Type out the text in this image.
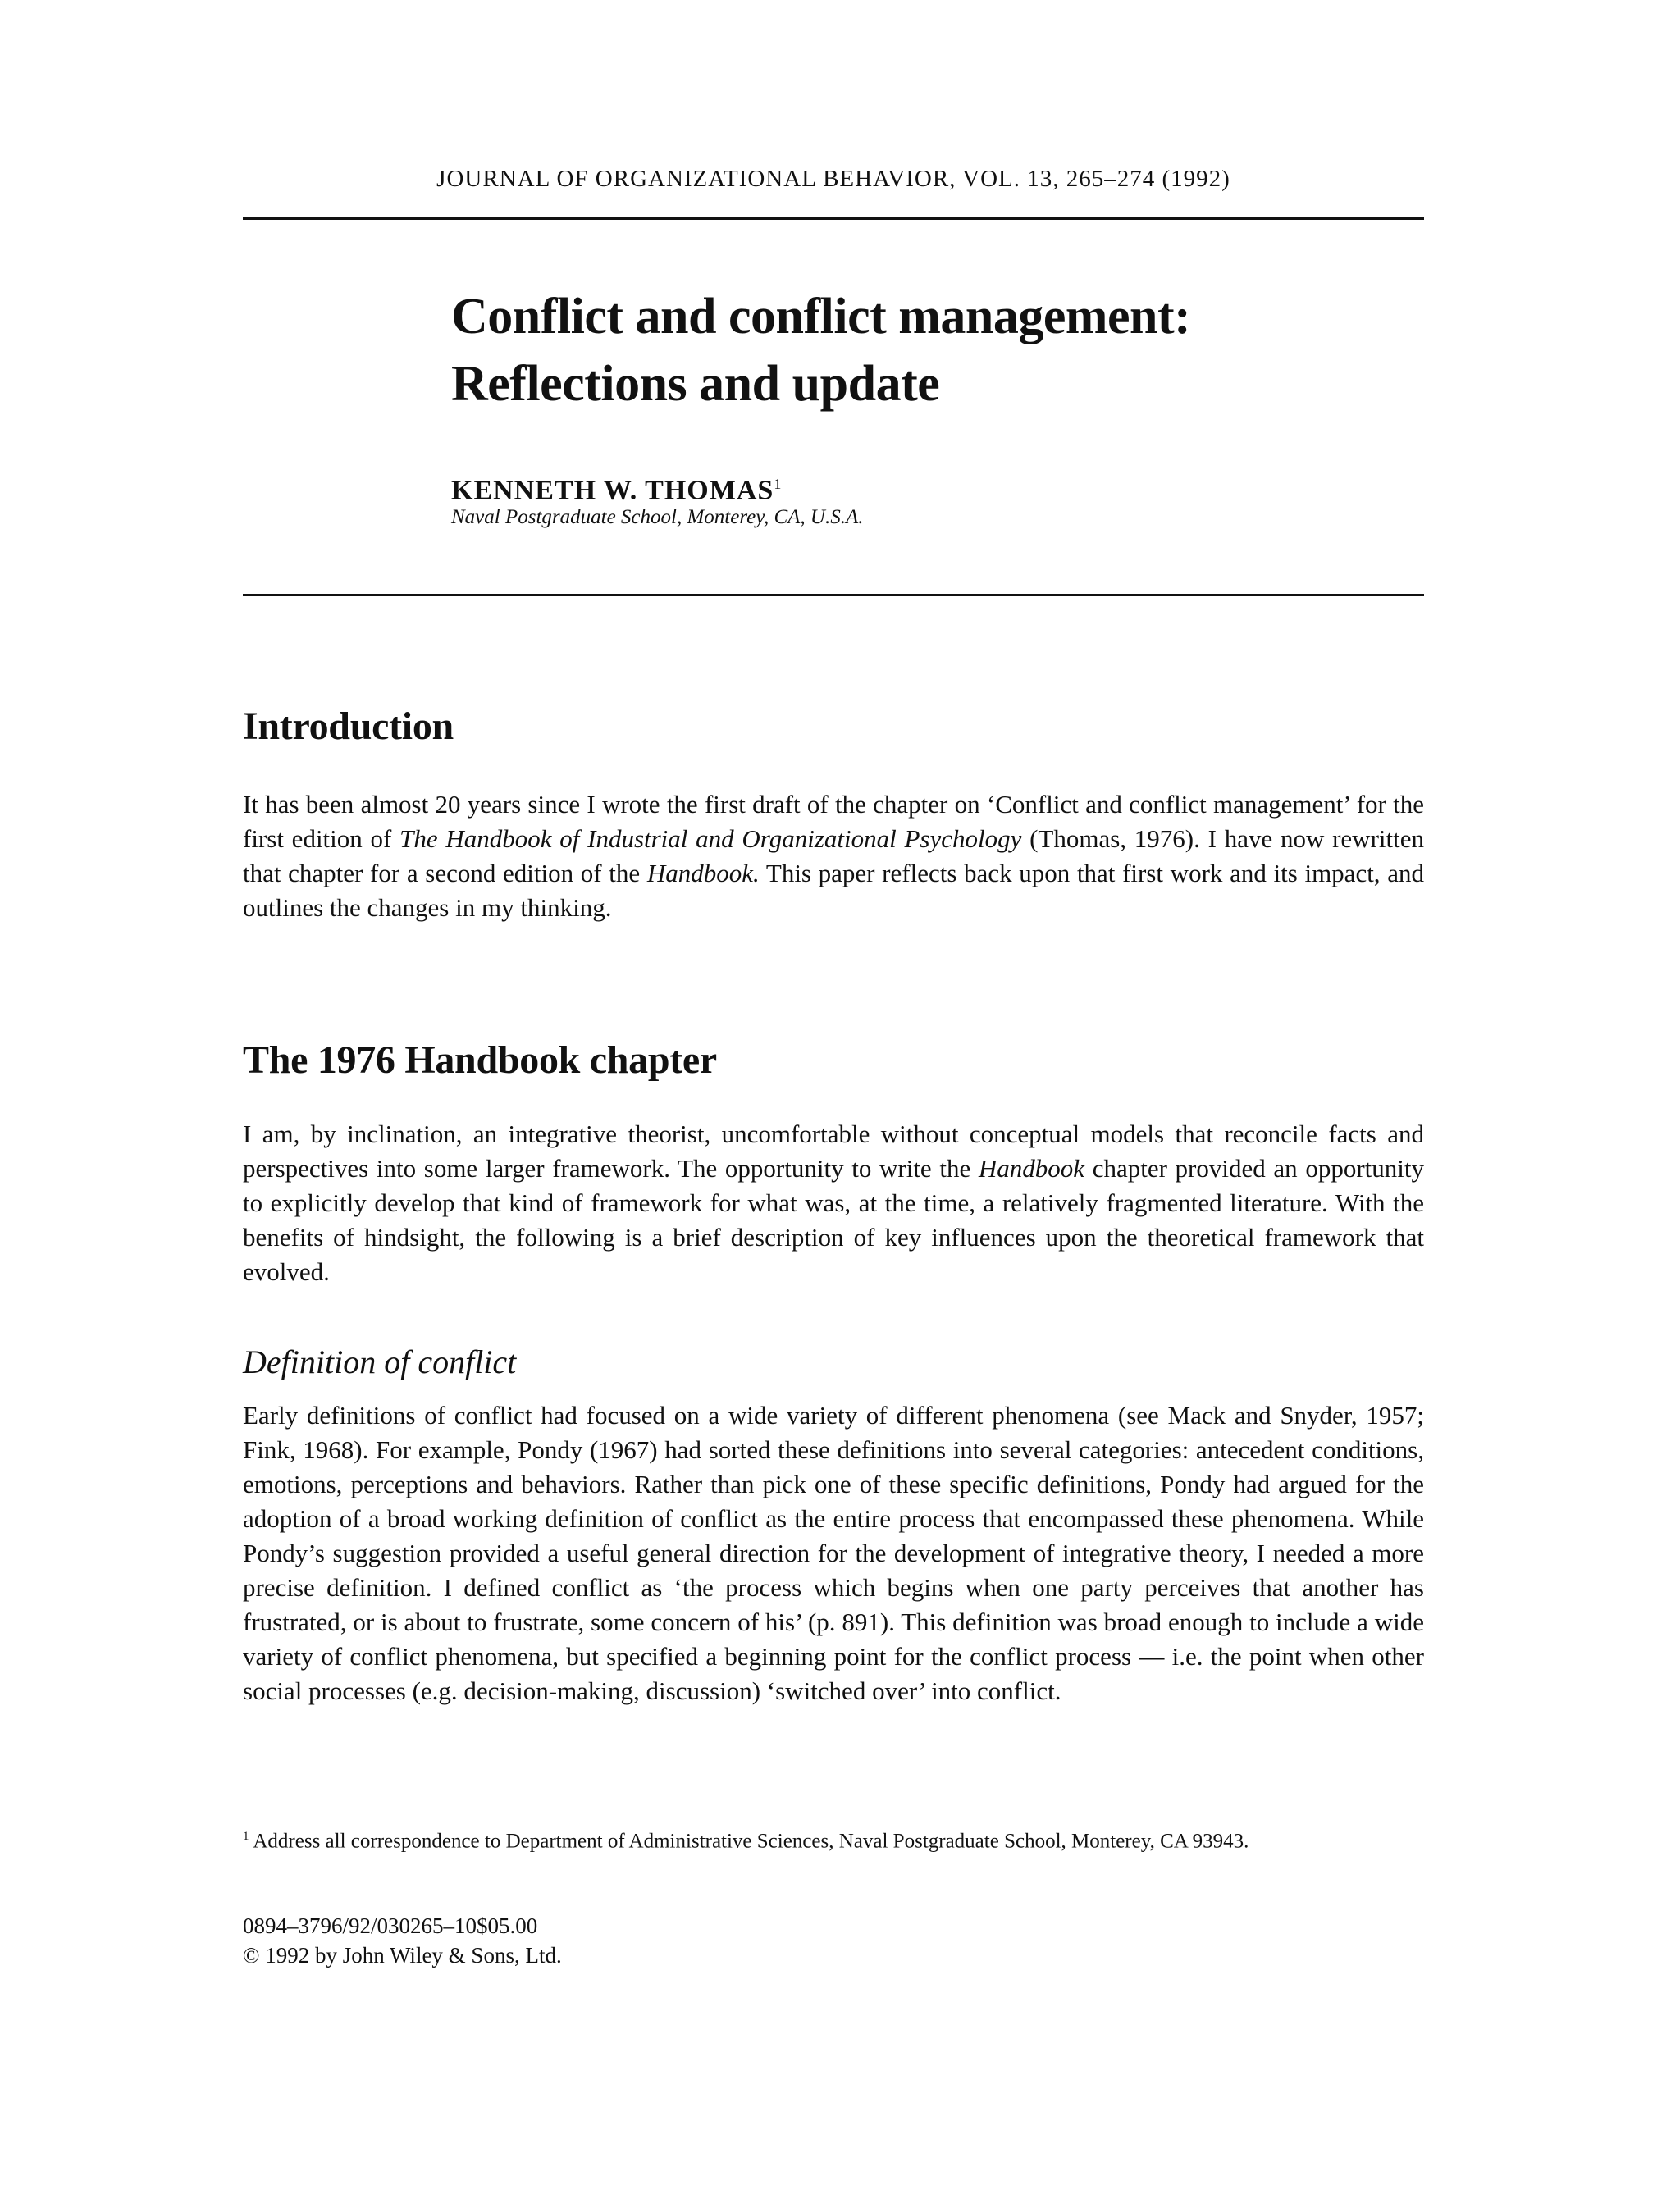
JOURNAL OF ORGANIZATIONAL BEHAVIOR, VOL. 13, 265–274 (1992)
Conflict and conflict management:
Reflections and update
KENNETH W. THOMAS$^1$
Naval Postgraduate School, Monterey, CA, U.S.A.
Introduction

It has been almost 20 years since I wrote the first draft of the chapter on ‘Conflict and conflict management’ for the first edition of The Handbook of Industrial and Organizational Psychology (Thomas, 1976). I have now rewritten that chapter for a second edition of the Handbook. This paper reflects back upon that first work and its impact, and outlines the changes in my thinking.

The 1976 Handbook chapter

I am, by inclination, an integrative theorist, uncomfortable without conceptual models that reconcile facts and perspectives into some larger framework. The opportunity to write the Handbook chapter provided an opportunity to explicitly develop that kind of framework for what was, at the time, a relatively fragmented literature. With the benefits of hindsight, the following is a brief description of key influences upon the theoretical framework that evolved.

Definition of conflict

Early definitions of conflict had focused on a wide variety of different phenomena (see Mack and Snyder, 1957; Fink, 1968). For example, Pondy (1967) had sorted these definitions into several categories: antecedent conditions, emotions, perceptions and behaviors. Rather than pick one of these specific definitions, Pondy had argued for the adoption of a broad working definition of conflict as the entire process that encompassed these phenomena. While Pondy’s suggestion provided a useful general direction for the development of integrative theory, I needed a more precise definition. I defined conflict as ‘the process which begins when one party perceives that another has frustrated, or is about to frustrate, some concern of his’ (p. 891). This definition was broad enough to include a wide variety of conflict phenomena, but specified a beginning point for the conflict process — i.e. the point when other social processes (e.g. decision-making, discussion) ‘switched over’ into conflict.

$^1$ Address all correspondence to Department of Administrative Sciences, Naval Postgraduate School, Monterey, CA 93943.
0894–3796/92/030265–10$05.00
© 1992 by John Wiley & Sons, Ltd.
